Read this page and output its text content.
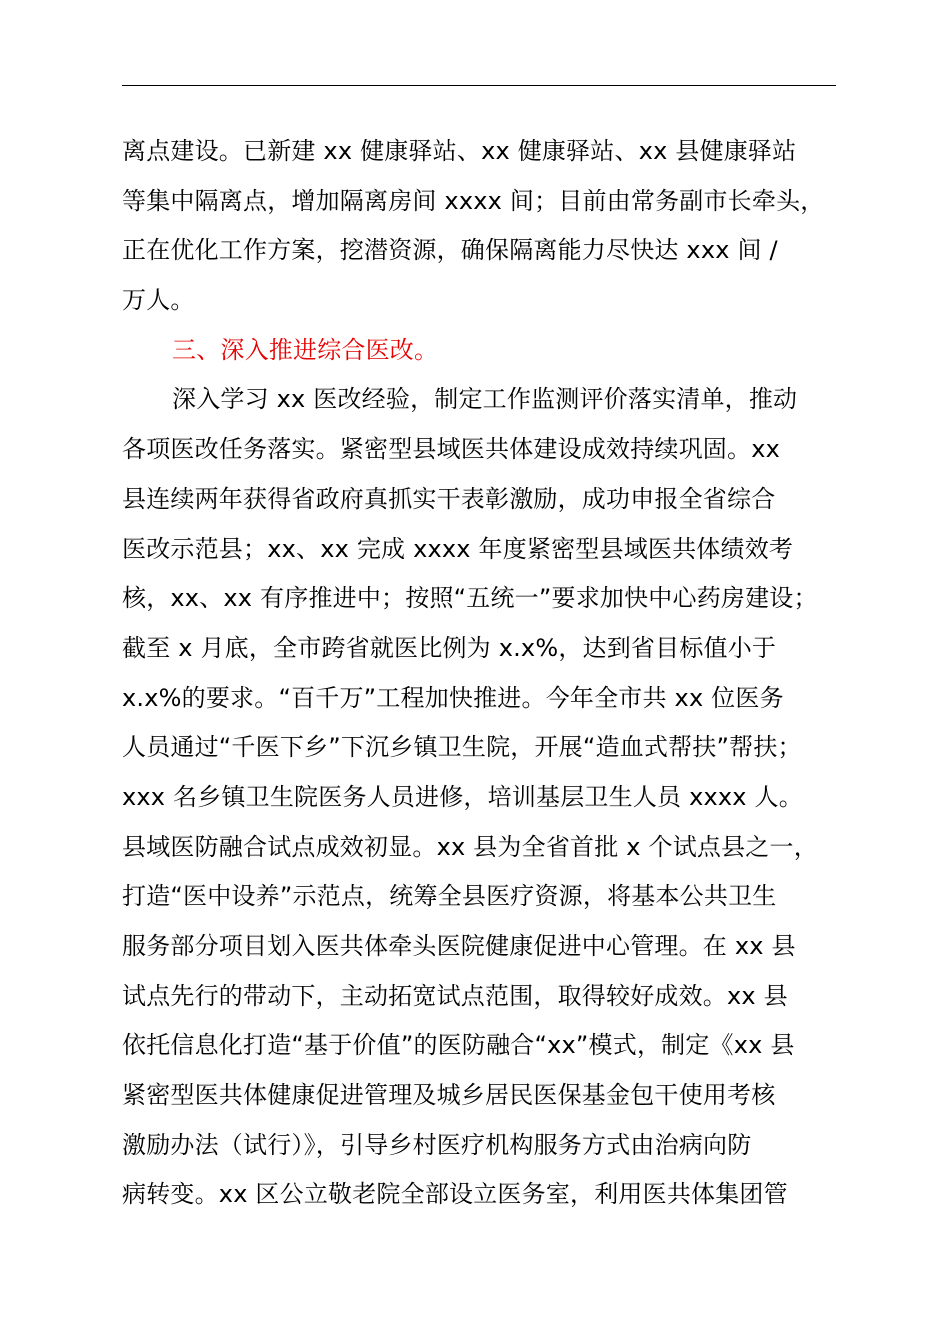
离点建设。已新建 xx 健康驿站、xx 健康驿站、xx 县健康驿站
等集中隔离点，增加隔离房间 xxxx 间；目前由常务副市长牵头，
正在优化工作方案，挖潜资源，确保隔离能力尽快达 xxx 间 /
万人。
三、深入推进综合医改。
深入学习 xx 医改经验，制定工作监测评价落实清单，推动
各项医改任务落实。紧密型县域医共体建设成效持续巩固。xx
县连续两年获得省政府真抓实干表彰激励，成功申报全省综合
医改示范县；xx、xx 完成 xxxx 年度紧密型县域医共体绩效考
核，xx、xx 有序推进中；按照“五统一”要求加快中心药房建设；
截至 x 月底，全市跨省就医比例为 x.x%，达到省目标值小于
x.x%的要求。“百千万”工程加快推进。今年全市共 xx 位医务
人员通过“千医下乡”下沉乡镇卫生院，开展“造血式帮扶”帮扶；
xxx 名乡镇卫生院医务人员进修，培训基层卫生人员 xxxx 人。
县域医防融合试点成效初显。xx 县为全省首批 x 个试点县之一，
打造“医中设养”示范点，统筹全县医疗资源，将基本公共卫生
服务部分项目划入医共体牵头医院健康促进中心管理。在 xx 县
试点先行的带动下，主动拓宽试点范围，取得较好成效。xx 县
依托信息化打造“基于价值”的医防融合“xx”模式，制定《xx 县
紧密型医共体健康促进管理及城乡居民医保基金包干使用考核
激励办法（试行）》，引导乡村医疗机构服务方式由治病向防
病转变。xx 区公立敬老院全部设立医务室，利用医共体集团管
